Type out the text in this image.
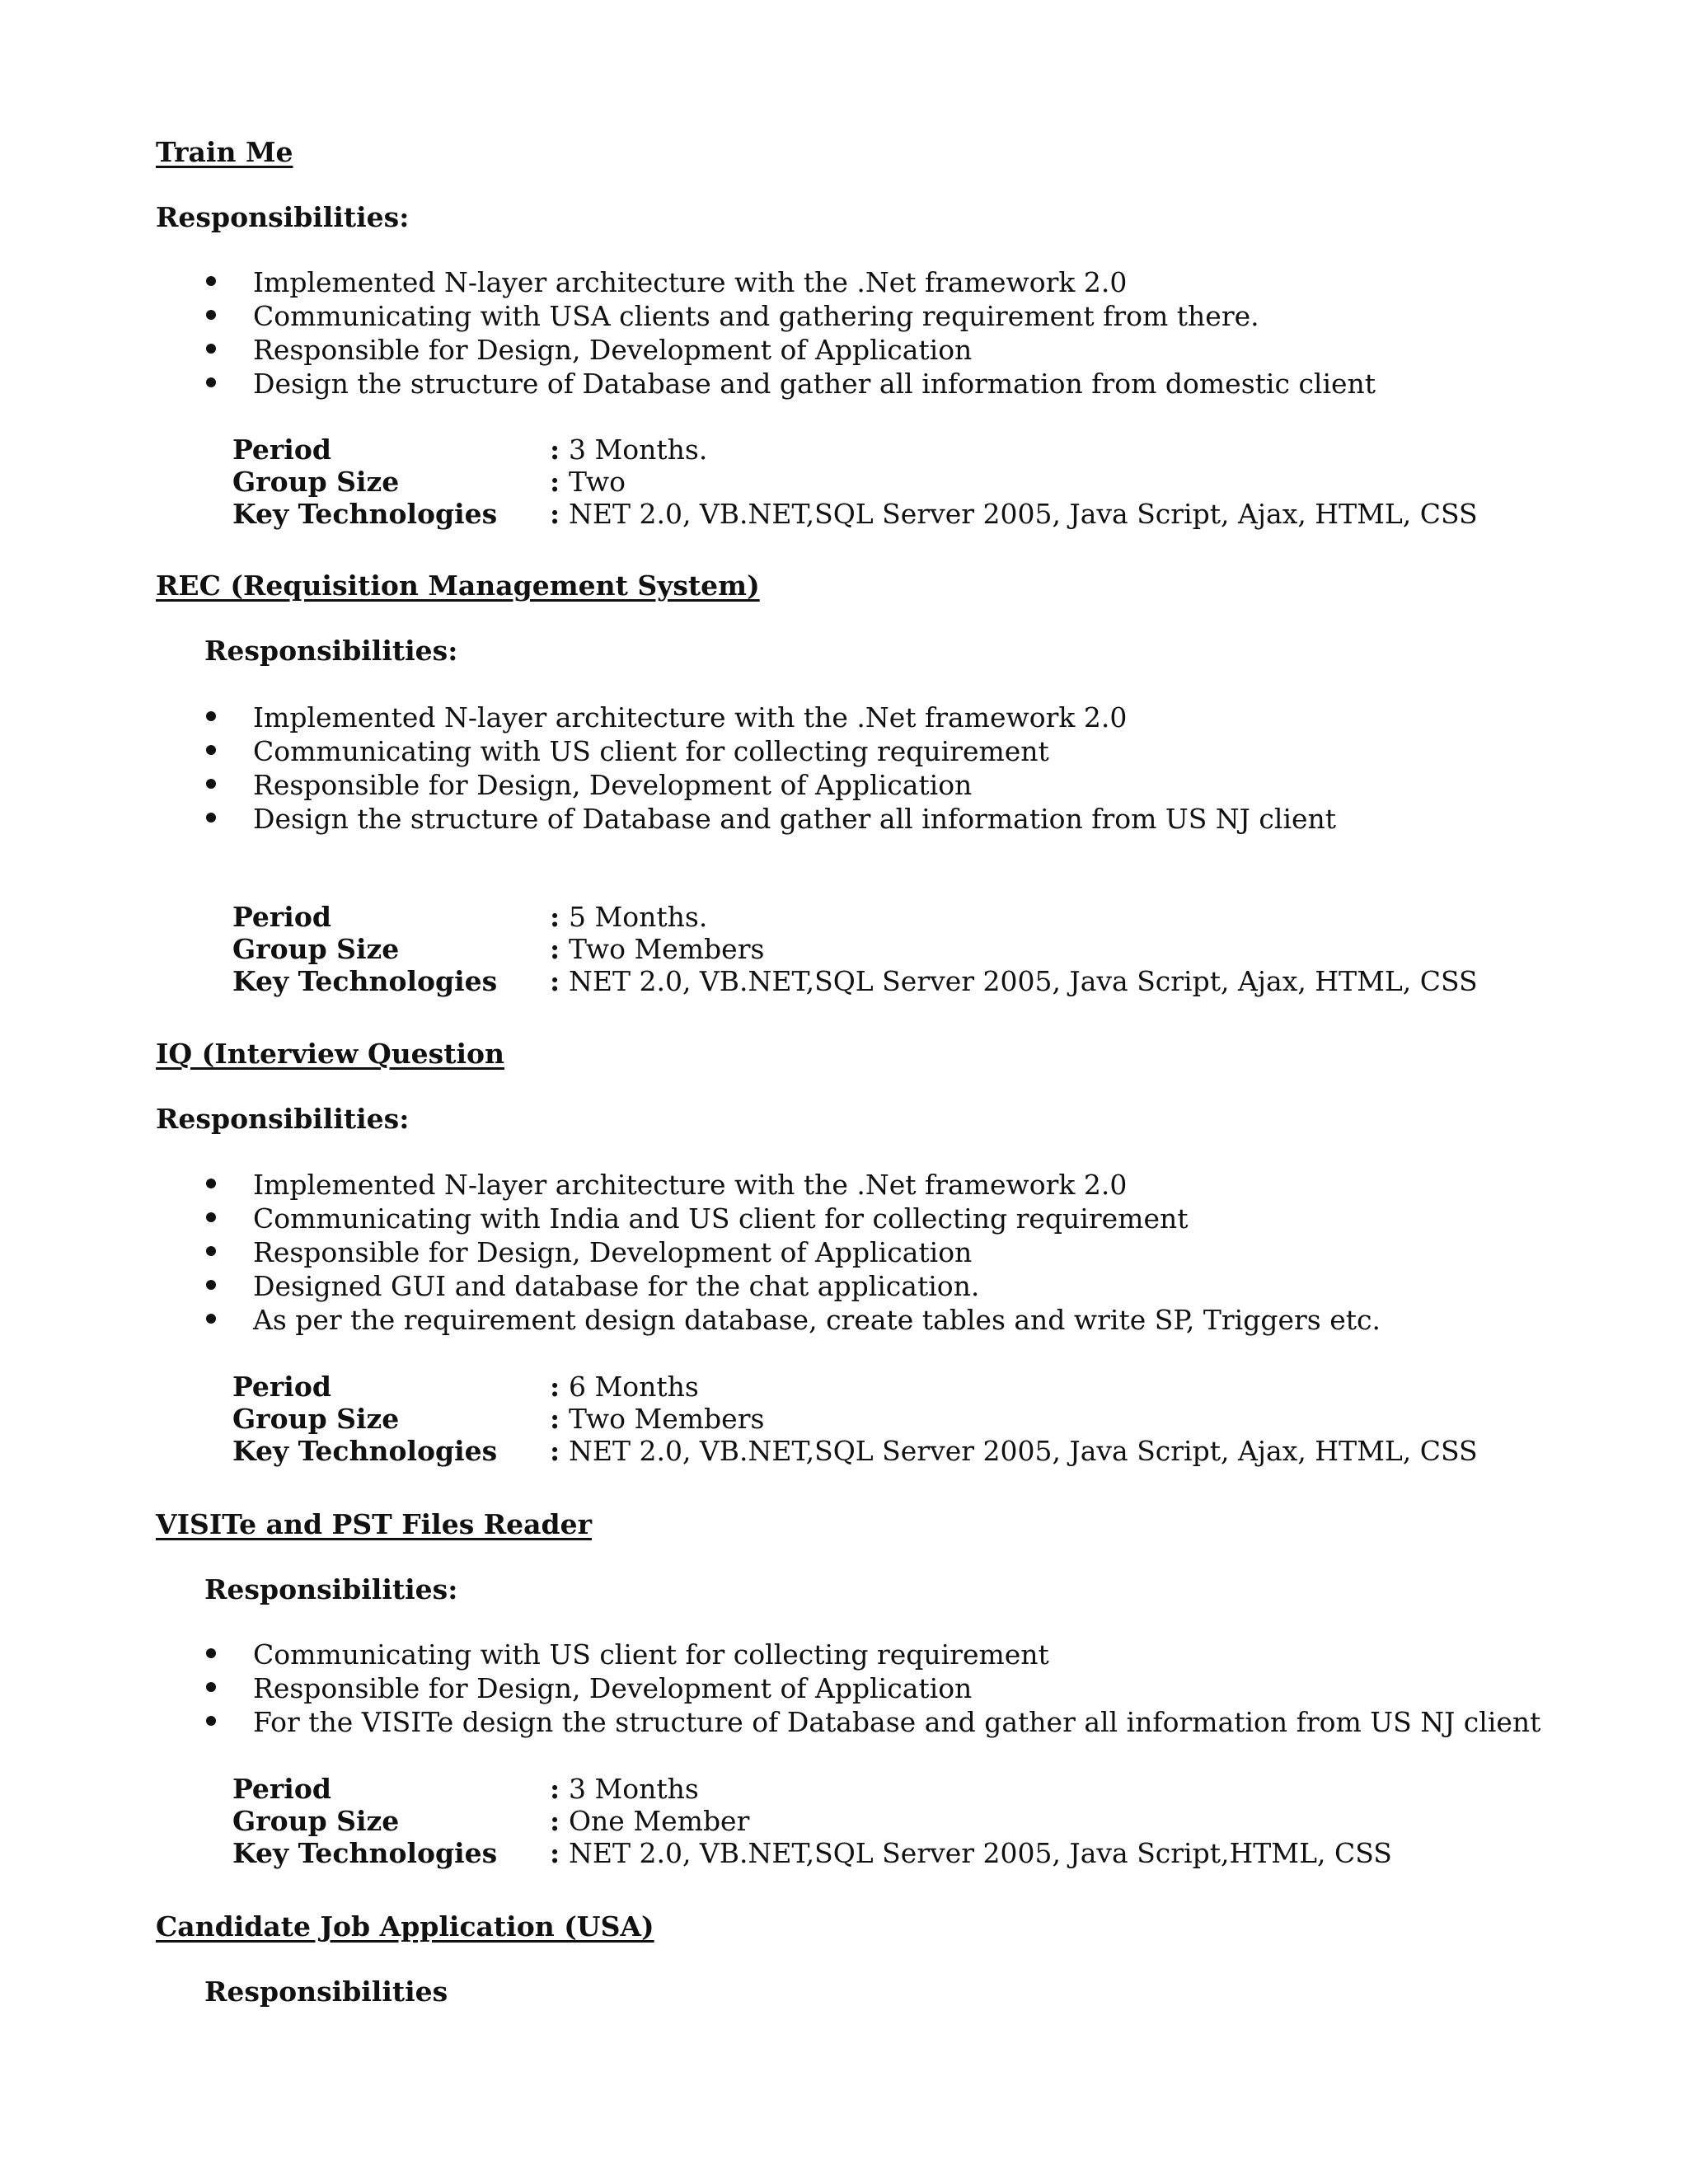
Train Me
Responsibilities:
Implemented N-layer architecture with the .Net framework 2.0
Communicating with USA clients and gathering requirement from there.
Responsible for Design, Development of Application
Design the structure of Database and gather all information from domestic client
Period	: 3 Months.
Group Size	: Two
Key Technologies : NET 2.0, VB.NET,SQL Server 2005, Java Script, Ajax, HTML, CSS
REC (Requisition Management System)
Responsibilities:
Implemented N-layer architecture with the .Net framework 2.0
Communicating with US client for collecting requirement
Responsible for Design, Development of Application
Design the structure of Database and gather all information from US NJ client
Period	: 5 Months.
Group Size	: Two Members
Key Technologies : NET 2.0, VB.NET,SQL Server 2005, Java Script, Ajax, HTML, CSS
IQ (Interview Question
Responsibilities:
Implemented N-layer architecture with the .Net framework 2.0
Communicating with India and US client for collecting requirement
Responsible for Design, Development of Application
Designed GUI and database for the chat application.
As per the requirement design database, create tables and write SP, Triggers etc.
Period	: 6 Months
Group Size	: Two Members
Key Technologies : NET 2.0, VB.NET,SQL Server 2005, Java Script, Ajax, HTML, CSS
VISITe and PST Files Reader
Responsibilities:
Communicating with US client for collecting requirement
Responsible for Design, Development of Application
For the VISITe design the structure of Database and gather all information from US NJ client
Period	: 3 Months
Group Size	: One Member
Key Technologies : NET 2.0, VB.NET,SQL Server 2005, Java Script,HTML, CSS
Candidate Job Application (USA)
Responsibilities
